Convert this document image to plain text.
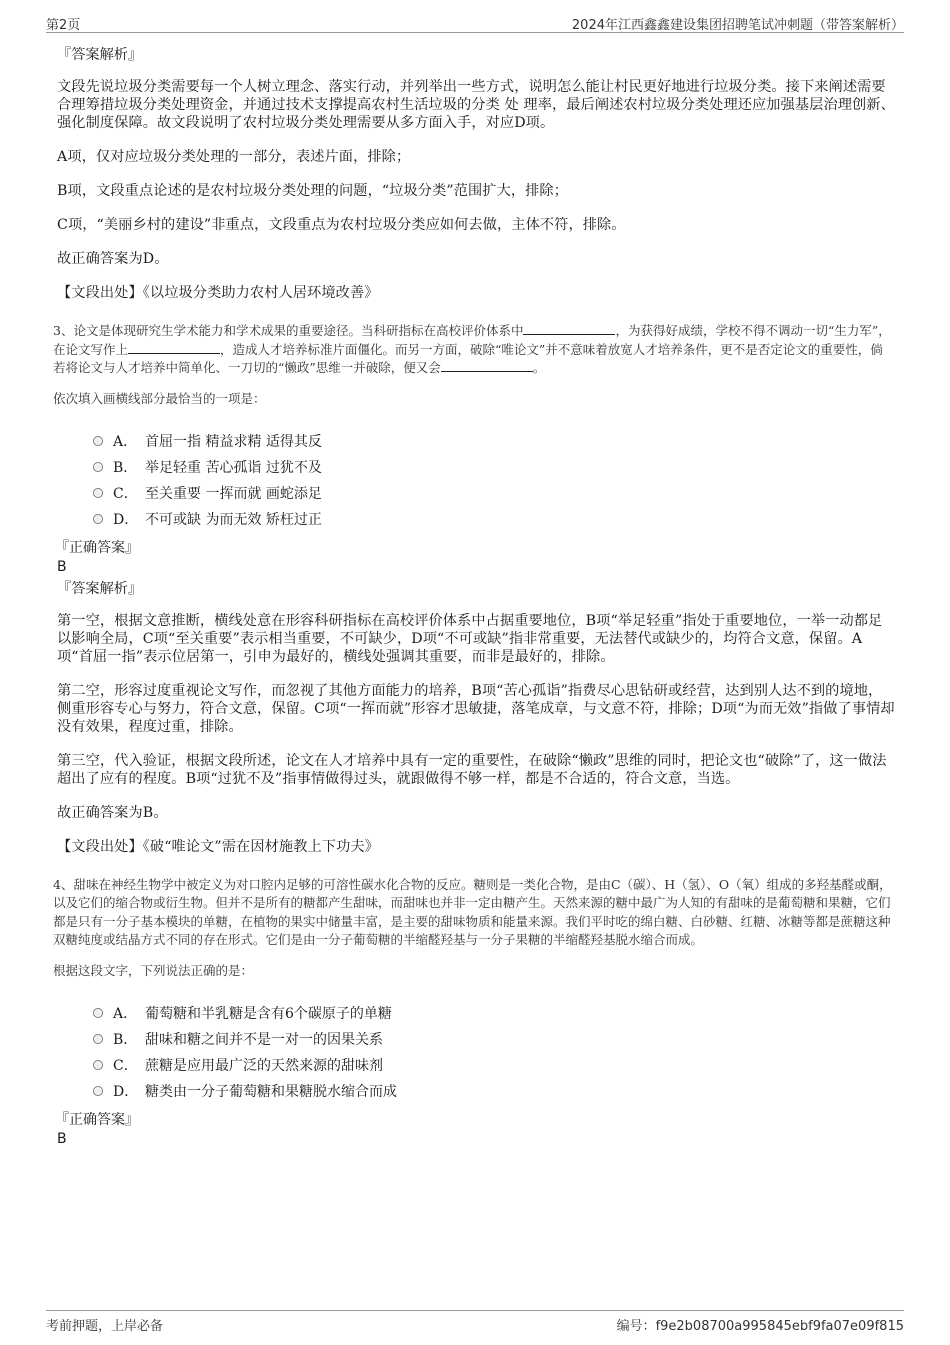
第2页	2024年江西鑫鑫建设集团招聘笔试冲刺题（带答案解析）
『答案解析』

文段先说垃圾分类需要每一个人树立理念、落实行动，并列举出一些方式，说明怎么能让村民更好地进行垃圾分类。接下来阐述需要合理筹措垃圾分类处理资金，并通过技术支撑提高农村生活垃圾的分类 处 理率，最后阐述农村垃圾分类处理还应加强基层治理创新、强化制度保障。故文段说明了农村垃圾分类处理需要从多方面入手，对应D项。

A项，仅对应垃圾分类处理的一部分，表述片面，排除；

B项，文段重点论述的是农村垃圾分类处理的问题，“垃圾分类”范围扩大，排除；

C项，“美丽乡村的建设”非重点，文段重点为农村垃圾分类应如何去做，主体不符，排除。

故正确答案为D。

【文段出处】《以垃圾分类助力农村人居环境改善》

3、论文是体现研究生学术能力和学术成果的重要途径。当科研指标在高校评价体系中	，为获得好成绩，学校不得不调动一切“生力军”，在论文写作上	，造成人才培养标准片面僵化。而另一方面，破除“唯论文”并不意味着放宽人才培养条件，更不是否定论文的重要性，倘若将论文与人才培养中简单化、一刀切的“懒政”思维一并破除，便又会	。
依次填入画横线部分最恰当的一项是：
A． 首屈一指 精益求精 适得其反
B． 举足轻重 苦心孤诣 过犹不及
C． 至关重要 一挥而就 画蛇添足
D． 不可或缺 为而无效 矫枉过正
『正确答案』
B
『答案解析』

第一空，根据文意推断，横线处意在形容科研指标在高校评价体系中占据重要地位，B项“举足轻重”指处于重要地位，一举一动都足以影响全局，C项“至关重要”表示相当重要，不可缺少，D项“不可或缺”指非常重要，无法替代或缺少的，均符合文意，保留。A项“首屈一指”表示位居第一，引申为最好的，横线处强调其重要，而非是最好的，排除。

第二空，形容过度重视论文写作，而忽视了其他方面能力的培养，B项“苦心孤诣”指费尽心思钻研或经营，达到别人达不到的境地，侧重形容专心与努力，符合文意，保留。C项“一挥而就”形容才思敏捷，落笔成章，与文意不符，排除；D项“为而无效”指做了事情却没有效果，程度过重，排除。

第三空，代入验证，根据文段所述，论文在人才培养中具有一定的重要性，在破除“懒政”思维的同时，把论文也“破除”了，这一做法超出了应有的程度。B项“过犹不及”指事情做得过头，就跟做得不够一样，都是不合适的，符合文意，当选。

故正确答案为B。

【文段出处】《破“唯论文”需在因材施教上下功夫》

4、甜味在神经生物学中被定义为对口腔内足够的可溶性碳水化合物的反应。糖则是一类化合物，是由C（碳）、H（氢）、O（氧）组成的多羟基醛或酮，以及它们的缩合物或衍生物。但并不是所有的糖都产生甜味，而甜味也并非一定由糖产生。天然来源的糖中最广为人知的有甜味的是葡萄糖和果糖，它们都是只有一分子基本模块的单糖，在植物的果实中储量丰富，是主要的甜味物质和能量来源。我们平时吃的绵白糖、白砂糖、红糖、冰糖等都是蔗糖这种双糖纯度或结晶方式不同的存在形式。它们是由一分子葡萄糖的半缩醛羟基与一分子果糖的半缩醛羟基脱水缩合而成。
根据这段文字，下列说法正确的是：
A． 葡萄糖和半乳糖是含有6个碳原子的单糖
B． 甜味和糖之间并不是一对一的因果关系
C． 蔗糖是应用最广泛的天然来源的甜味剂
D． 糖类由一分子葡萄糖和果糖脱水缩合而成
『正确答案』
B
考前押题，上岸必备	编号：f9e2b08700a995845ebf9fa07e09f815
